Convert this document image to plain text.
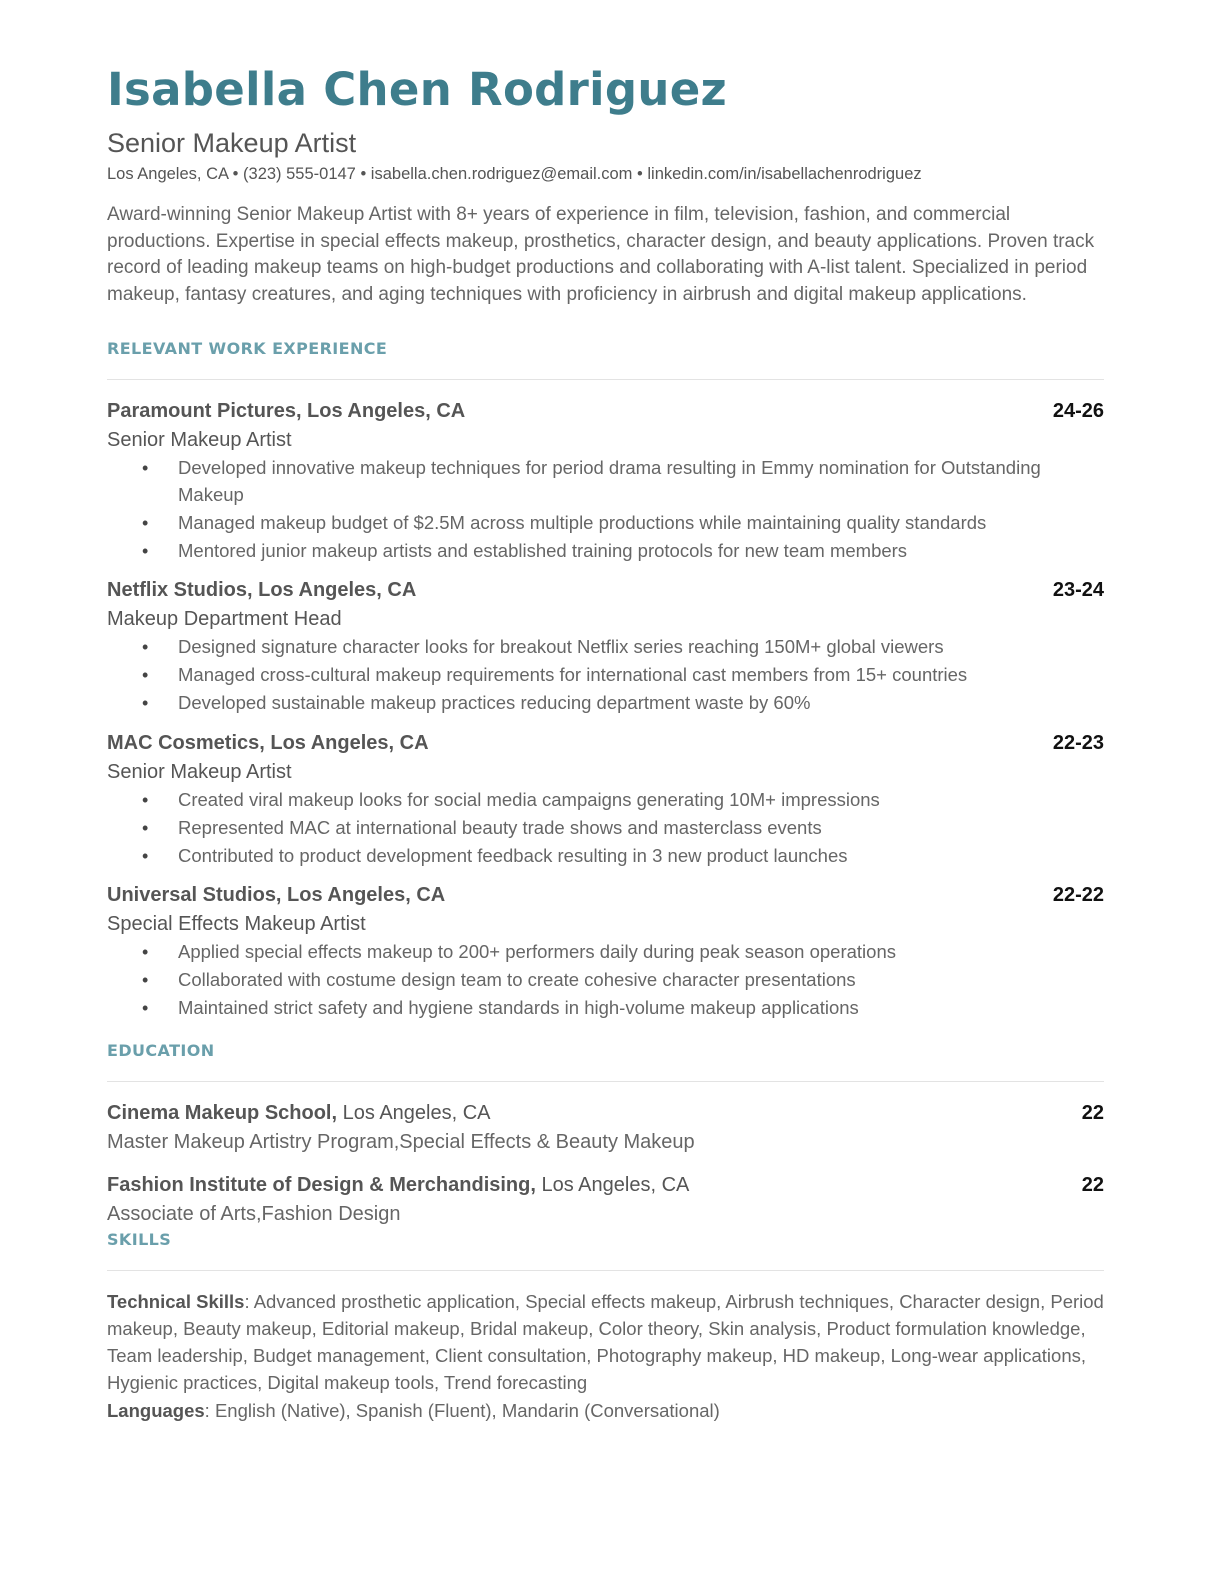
Isabella Chen Rodriguez
Senior Makeup Artist
Los Angeles, CA • (323) 555-0147 • isabella.chen.rodriguez@email.com • linkedin.com/in/isabellachenrodriguez
Award-winning Senior Makeup Artist with 8+ years of experience in film, television, fashion, and commercial productions. Expertise in special effects makeup, prosthetics, character design, and beauty applications. Proven track record of leading makeup teams on high-budget productions and collaborating with A-list talent. Specialized in period makeup, fantasy creatures, and aging techniques with proficiency in airbrush and digital makeup applications.
RELEVANT WORK EXPERIENCE
Paramount Pictures, Los Angeles, CA	24-26
Senior Makeup Artist
• Developed innovative makeup techniques for period drama resulting in Emmy nomination for Outstanding Makeup
• Managed makeup budget of $2.5M across multiple productions while maintaining quality standards
• Mentored junior makeup artists and established training protocols for new team members
Netflix Studios, Los Angeles, CA	23-24
Makeup Department Head
• Designed signature character looks for breakout Netflix series reaching 150M+ global viewers
• Managed cross-cultural makeup requirements for international cast members from 15+ countries
• Developed sustainable makeup practices reducing department waste by 60%
MAC Cosmetics, Los Angeles, CA	22-23
Senior Makeup Artist
• Created viral makeup looks for social media campaigns generating 10M+ impressions
• Represented MAC at international beauty trade shows and masterclass events
• Contributed to product development feedback resulting in 3 new product launches
Universal Studios, Los Angeles, CA	22-22
Special Effects Makeup Artist
• Applied special effects makeup to 200+ performers daily during peak season operations
• Collaborated with costume design team to create cohesive character presentations
• Maintained strict safety and hygiene standards in high-volume makeup applications
EDUCATION
Cinema Makeup School, Los Angeles, CA	22
Master Makeup Artistry Program,Special Effects & Beauty Makeup
Fashion Institute of Design & Merchandising, Los Angeles, CA	22
Associate of Arts,Fashion Design
SKILLS
Technical Skills: Advanced prosthetic application, Special effects makeup, Airbrush techniques, Character design, Period makeup, Beauty makeup, Editorial makeup, Bridal makeup, Color theory, Skin analysis, Product formulation knowledge, Team leadership, Budget management, Client consultation, Photography makeup, HD makeup, Long-wear applications, Hygienic practices, Digital makeup tools, Trend forecasting
Languages: English (Native), Spanish (Fluent), Mandarin (Conversational)
